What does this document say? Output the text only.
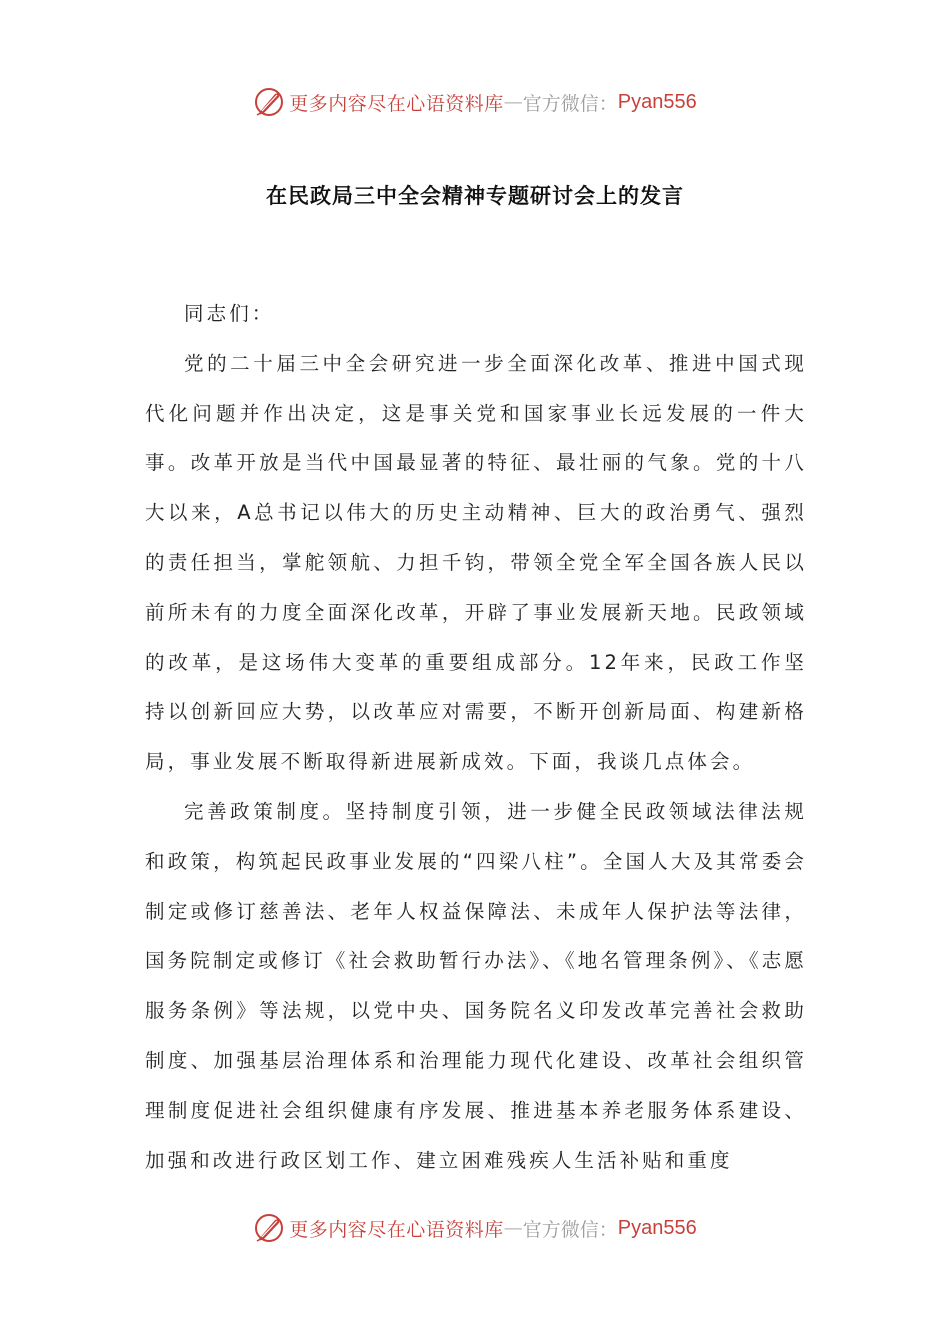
更多内容尽在心语资料库 — 官方微信： Pyan556
在民政局三中全会精神专题研讨会上的发言

同志们：

党的二十届三中全会研究进一步全面深化改革、推进中国式现代化问题并作出决定，这是事关党和国家事业长远发展的一件大事。改革开放是当代中国最显著的特征、最壮丽的气象。党的十八大以来，A总书记以伟大的历史主动精神、巨大的政治勇气、强烈的责任担当，掌舵领航、力担千钧，带领全党全军全国各族人民以前所未有的力度全面深化改革，开辟了事业发展新天地。民政领域的改革，是这场伟大变革的重要组成部分。12年来，民政工作坚持以创新回应大势，以改革应对需要，不断开创新局面、构建新格局，事业发展不断取得新进展新成效。下面，我谈几点体会。

完善政策制度。坚持制度引领，进一步健全民政领域法律法规和政策，构筑起民政事业发展的“四梁八柱”。全国人大及其常委会制定或修订慈善法、老年人权益保障法、未成年人保护法等法律，国务院制定或修订《社会救助暂行办法》、《地名管理条例》、《志愿服务条例》等法规，以党中央、国务院名义印发改革完善社会救助制度、加强基层治理体系和治理能力现代化建设、改革社会组织管理制度促进社会组织健康有序发展、推进基本养老服务体系建设、加强和改进行政区划工作、建立困难残疾人生活补贴和重度

更多内容尽在心语资料库 — 官方微信： Pyan556
